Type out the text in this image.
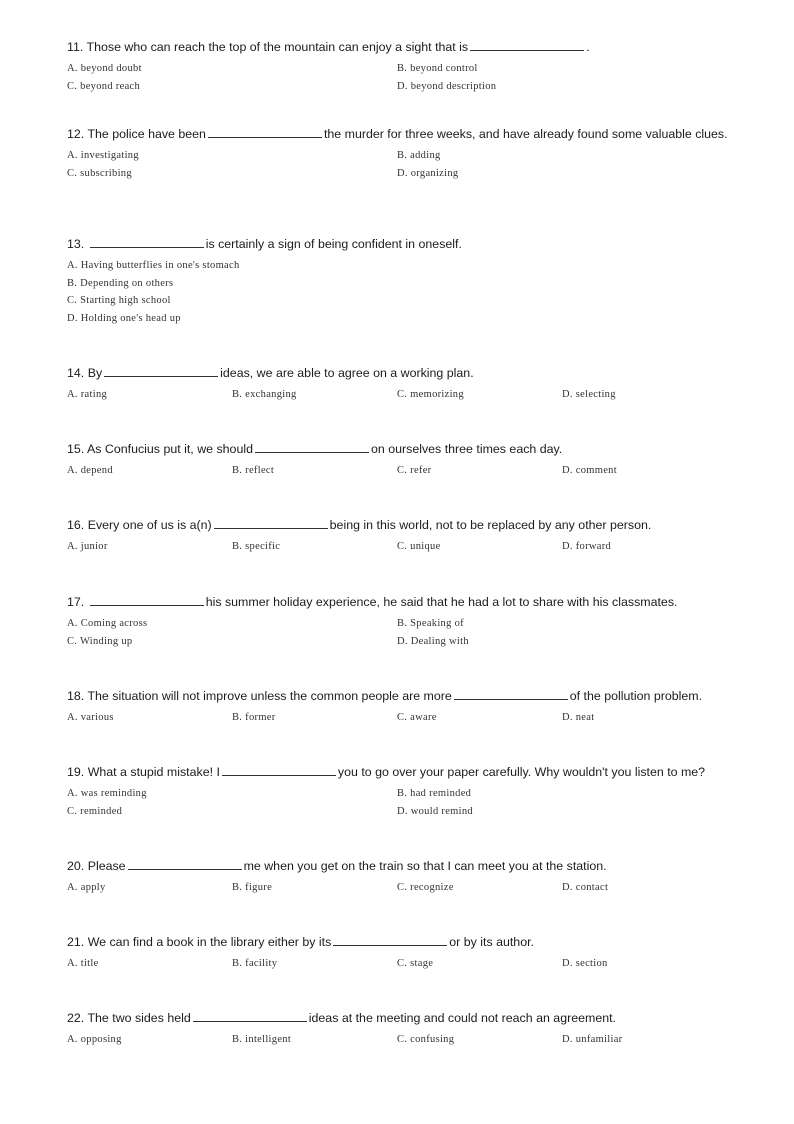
11. Those who can reach the top of the mountain can enjoy a sight that is	.
A. beyond doubt	B. beyond control
C. beyond reach	D. beyond description
12. The police have been	the murder for three weeks, and have already found some valuable clues.
A. investigating	B. adding
C. subscribing	D. organizing
13.	is certainly a sign of being confident in oneself.
A. Having butterflies in one's stomach
B. Depending on others
C. Starting high school
D. Holding one's head up
14. By	ideas, we are able to agree on a working plan.
A. rating	B. exchanging	C. memorizing	D. selecting
15. As Confucius put it, we should	on ourselves three times each day.
A. depend	B. reflect	C. refer	D. comment
16. Every one of us is a(n)	being in this world, not to be replaced by any other person.
A. junior	B. specific	C. unique	D. forward
17.	his summer holiday experience, he said that he had a lot to share with his classmates.
A. Coming across	B. Speaking of
C. Winding up	D. Dealing with
18. The situation will not improve unless the common people are more	of the pollution problem.
A. various	B. former	C. aware	D. neat
19. What a stupid mistake! I	you to go over your paper carefully. Why wouldn't you listen to me?
A. was reminding	B. had reminded
C. reminded	D. would remind
20. Please	me when you get on the train so that I can meet you at the station.
A. apply	B. figure	C. recognize	D. contact
21. We can find a book in the library either by its	or by its author.
A. title	B. facility	C. stage	D. section
22. The two sides held	ideas at the meeting and could not reach an agreement.
A. opposing	B. intelligent	C. confusing	D. unfamiliar
